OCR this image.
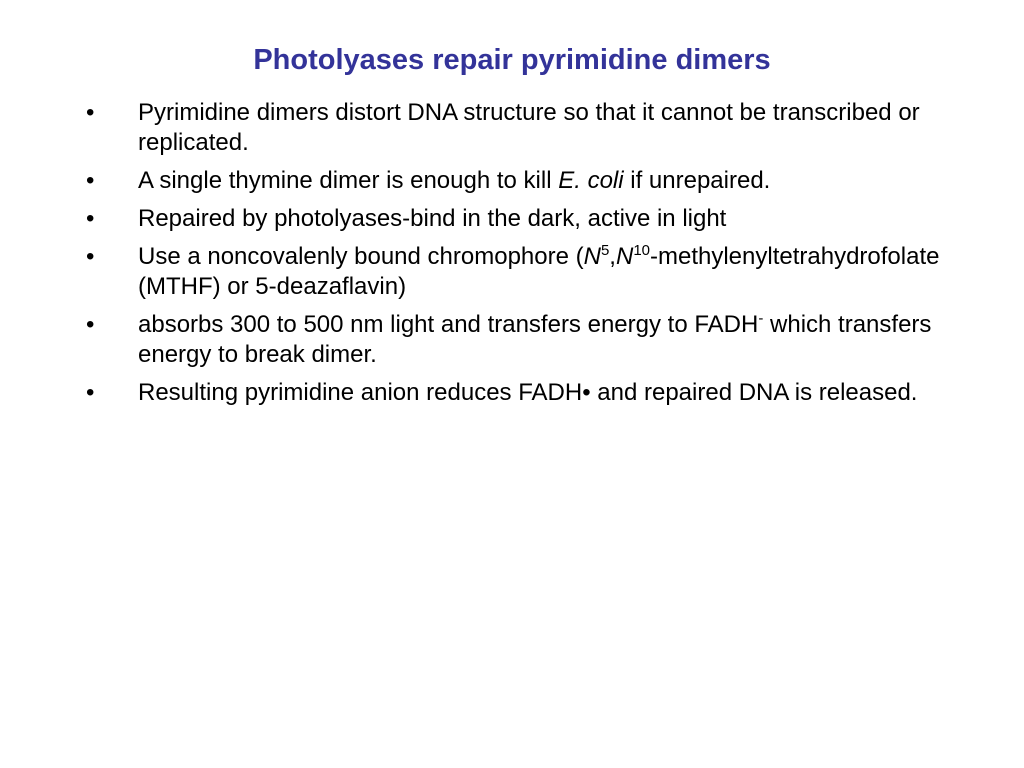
Photolyases repair pyrimidine dimers
• Pyrimidine dimers distort DNA structure so that it cannot be transcribed or replicated.
• A single thymine dimer is enough to kill E. coli if unrepaired.
• Repaired by photolyases-bind in the dark, active in light
• Use a noncovalenly bound chromophore ($N^5,N^{10}$-methylenyltetrahydrofolate (MTHF) or 5-deazaflavin)
• absorbs 300 to 500 nm light and transfers energy to FADH- which transfers energy to break dimer.
• Resulting pyrimidine anion reduces FADH• and repaired DNA is released.
